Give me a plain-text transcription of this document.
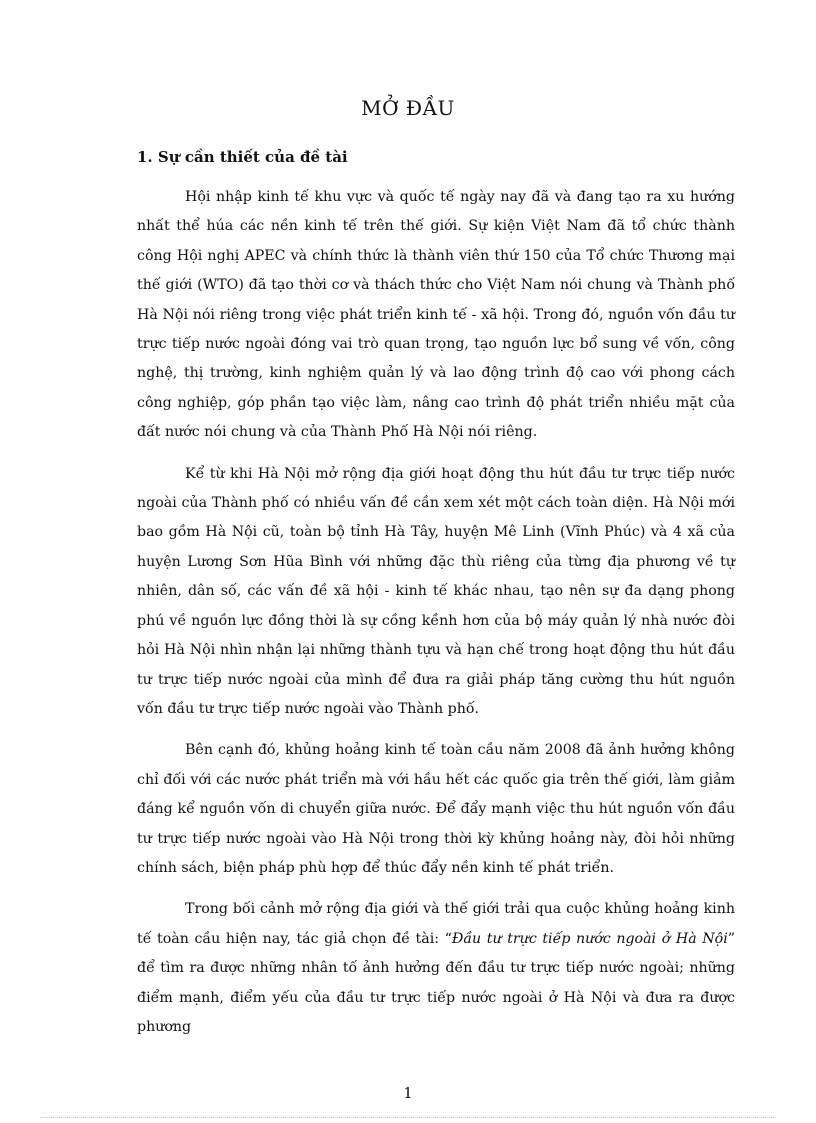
MỞ ĐẦU
1. Sự cần thiết của đề tài

Hội nhập kinh tế khu vực và quốc tế ngày nay đã và đang tạo ra xu hướng nhất thể húa các nền kinh tế trên thế giới. Sự kiện Việt Nam đã tổ chức thành công Hội nghị APEC và chính thức là thành viên thứ 150 của Tổ chức Thương mại thế giới (WTO) đã tạo thời cơ và thách thức cho Việt Nam nói chung và Thành phố Hà Nội nói riêng trong việc phát triển kinh tế - xã hội. Trong đó, nguồn vốn đầu tư trực tiếp nước ngoài đóng vai trò quan trọng, tạo nguồn lực bổ sung về vốn, công nghệ, thị trường, kinh nghiệm quản lý và lao động trình độ cao với phong cách công nghiệp, góp phần tạo việc làm, nâng cao trình độ phát triển nhiều mặt của đất nước nói chung và của Thành Phố Hà Nội nói riêng.

Kể từ khi Hà Nội mở rộng địa giới hoạt động thu hút đầu tư trực tiếp nước ngoài của Thành phố có nhiều vấn đề cần xem xét một cách toàn diện. Hà Nội mới bao gồm Hà Nội cũ, toàn bộ tỉnh Hà Tây, huyện Mê Linh (Vĩnh Phúc) và 4 xã của huyện Lương Sơn Hũa Bình với những đặc thù riêng của từng địa phương về tự nhiên, dân số, các vấn đề xã hội - kinh tế khác nhau, tạo nên sự đa dạng phong phú về nguồn lực đồng thời là sự cồng kềnh hơn của bộ máy quản lý nhà nước đòi hỏi Hà Nội nhìn nhận lại những thành tựu và hạn chế trong hoạt động thu hút đầu tư trực tiếp nước ngoài của mình để đưa ra giải pháp tăng cường thu hút nguồn vốn đầu tư trực tiếp nước ngoài vào Thành phố.

Bên cạnh đó, khủng hoảng kinh tế toàn cầu năm 2008 đã ảnh hưởng không chỉ đối với các nước phát triển mà với hầu hết các quốc gia trên thế giới, làm giảm đáng kể nguồn vốn di chuyển giữa nước. Để đẩy mạnh việc thu hút nguồn vốn đầu tư trực tiếp nước ngoài vào Hà Nội trong thời kỳ khủng hoảng này, đòi hỏi những chính sách, biện pháp phù hợp để thúc đẩy nền kinh tế phát triển.

Trong bối cảnh mở rộng địa giới và thế giới trải qua cuộc khủng hoảng kinh tế toàn cầu hiện nay, tác giả chọn đề tài: “Đầu tư trực tiếp nước ngoài ở Hà Nội” để tìm ra được những nhân tố ảnh hưởng đến đầu tư trực tiếp nước ngoài; những điểm mạnh, điểm yếu của đầu tư trực tiếp nước ngoài ở Hà Nội và đưa ra được phương

1
